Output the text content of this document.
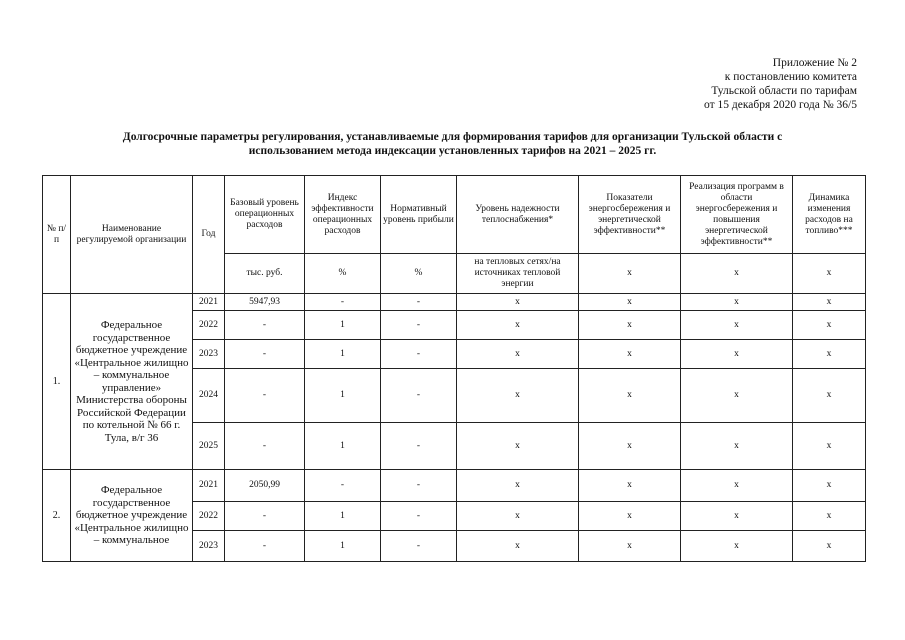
Приложение № 2
к постановлению комитета
Тульской области по тарифам
от 15 декабря 2020 года № 36/5
Долгосрочные параметры регулирования, устанавливаемые для формирования тарифов для организации Тульской области с
использованием метода индексации установленных тарифов на 2021 – 2025 гг.
№ п/п	Наименование регулируемой организации	Год	Базовый уровень операционных расходов	Индекс эффективности операционных расходов	Нормативный уровень прибыли	Уровень надежности теплоснабжения*	Показатели энергосбережения и энергетической эффективности**	Реализация программ в области энергосбережения и повышения энергетической эффективности**	Динамика изменения расходов на топливо***
			тыс. руб.	%	%	на тепловых сетях/на источниках тепловой энергии	х	х	х
1.	Федеральное государственное бюджетное учреждение «Центральное жилищно – коммунальное управление» Министерства обороны Российской Федерации по котельной № 66 г. Тула, в/г 36	2021	5947,93	-	-	х	х	х	х
		2022	-	1	-	х	х	х	х
		2023	-	1	-	х	х	х	х
		2024	-	1	-	х	х	х	х
		2025	-	1	-	х	х	х	х
2.	Федеральное государственное бюджетное учреждение «Центральное жилищно – коммунальное	2021	2050,99	-	-	х	х	х	х
		2022	-	1	-	х	х	х	х
		2023	-	1	-	х	х	х	х
